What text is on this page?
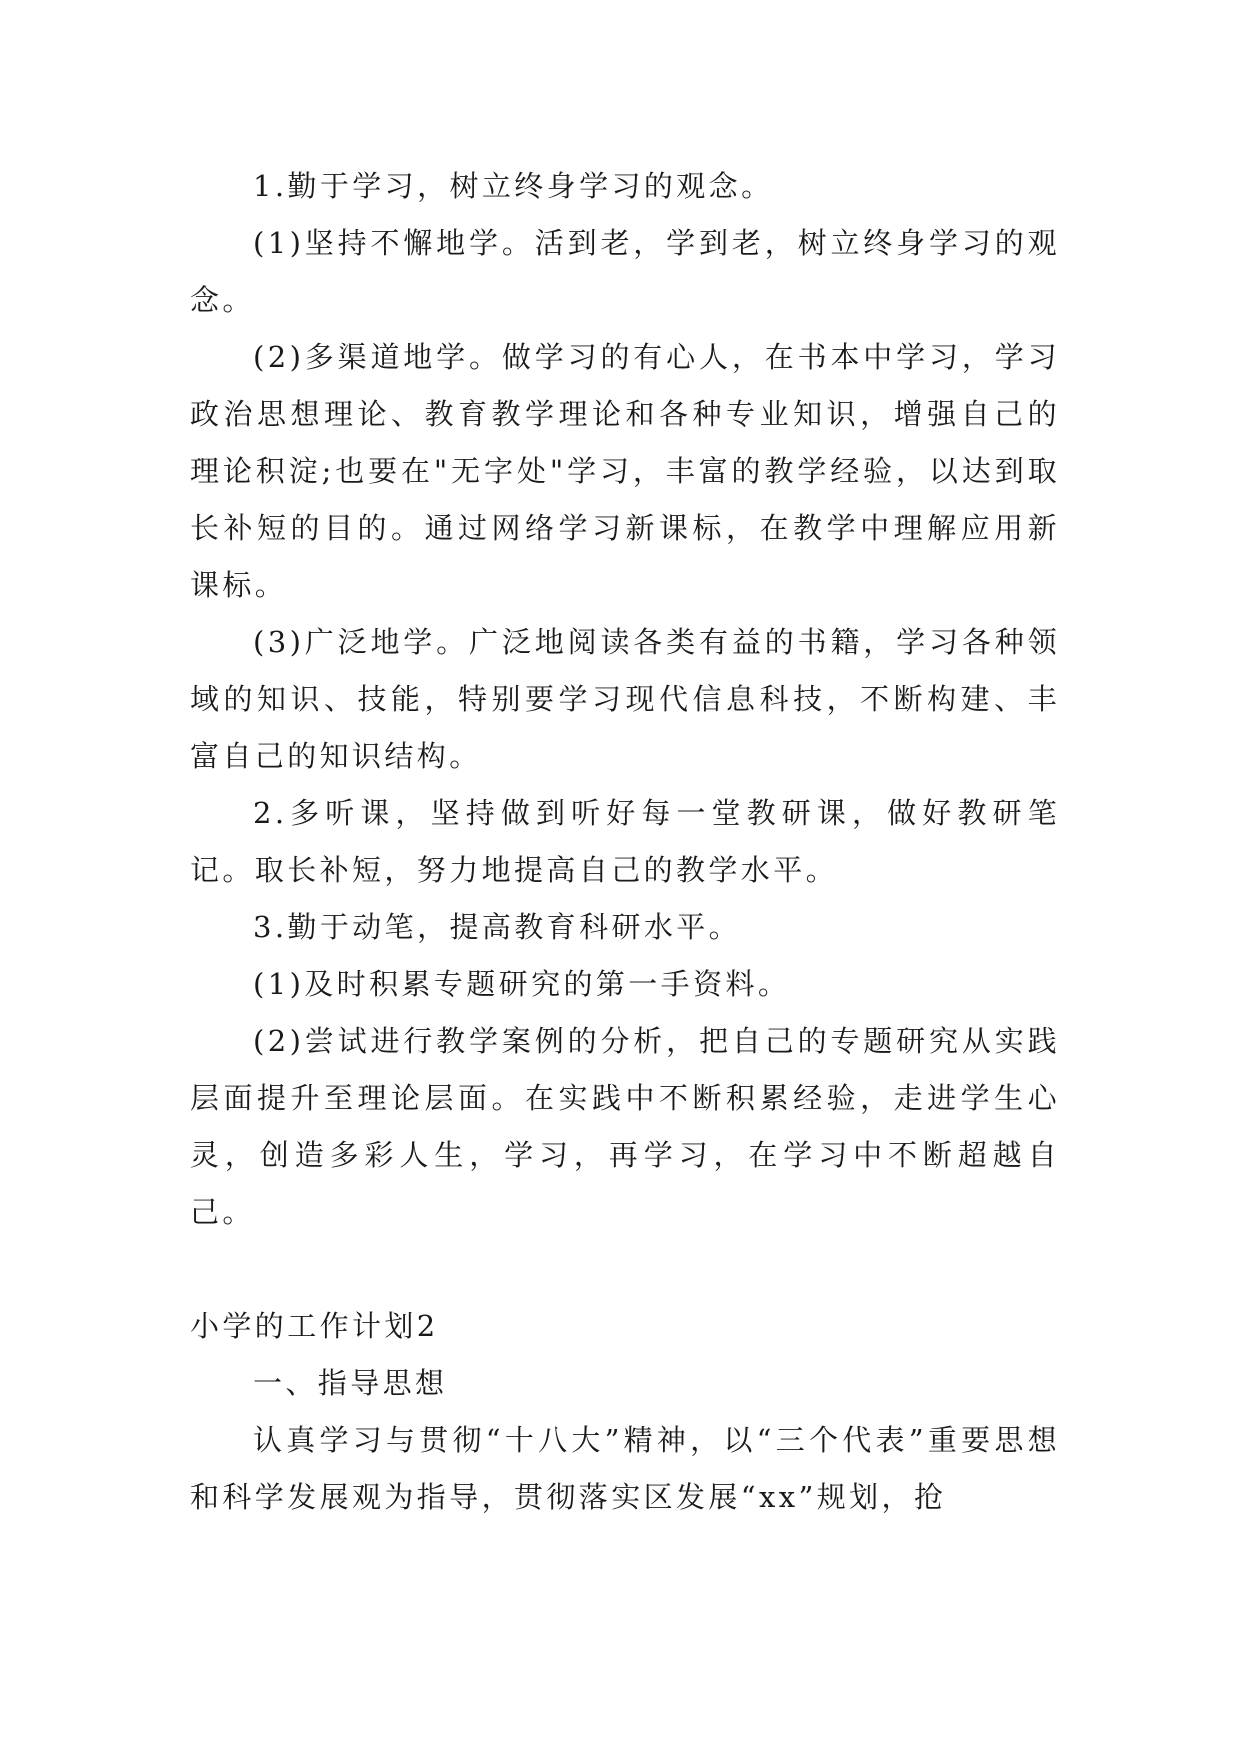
1.勤于学习，树立终身学习的观念。

(1)坚持不懈地学。活到老，学到老，树立终身学习的观念。

(2)多渠道地学。做学习的有心人，在书本中学习，学习政治思想理论、教育教学理论和各种专业知识，增强自己的理论积淀;也要在"无字处"学习，丰富的教学经验，以达到取长补短的目的。通过网络学习新课标，在教学中理解应用新课标。

(3)广泛地学。广泛地阅读各类有益的书籍，学习各种领域的知识、技能，特别要学习现代信息科技，不断构建、丰富自己的知识结构。

2.多听课，坚持做到听好每一堂教研课，做好教研笔记。取长补短，努力地提高自己的教学水平。

3.勤于动笔，提高教育科研水平。

(1)及时积累专题研究的第一手资料。

(2)尝试进行教学案例的分析，把自己的专题研究从实践层面提升至理论层面。在实践中不断积累经验，走进学生心灵，创造多彩人生，学习，再学习，在学习中不断超越自己。

小学的工作计划2

一、指导思想

认真学习与贯彻“十八大”精神，以“三个代表”重要思想和科学发展观为指导，贯彻落实区发展“xx”规划，抢
